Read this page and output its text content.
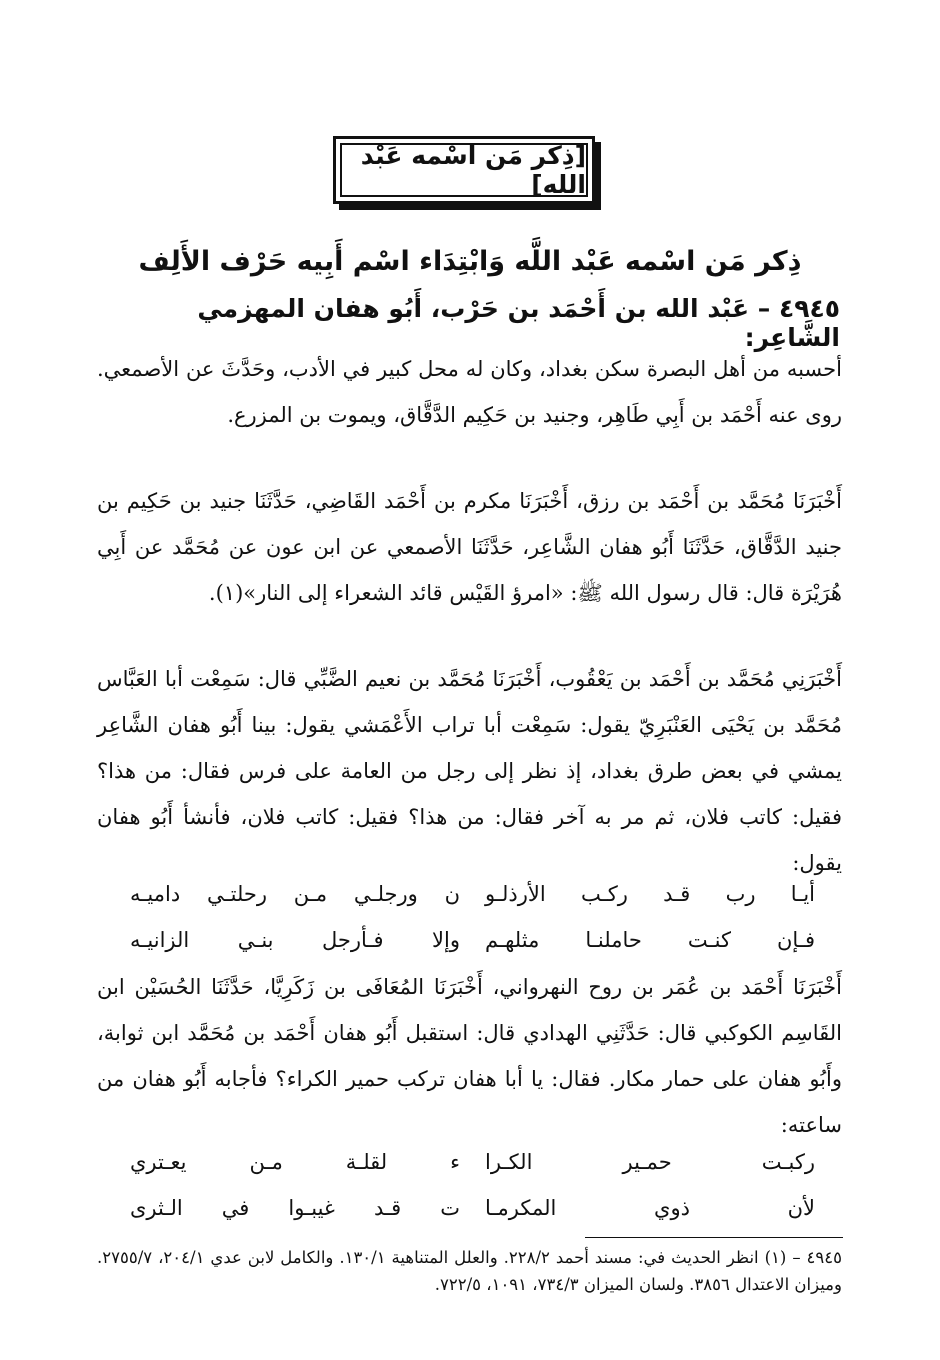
[ذِكر مَن اسْمه عَبْد الله]
ذِكر مَن اسْمه عَبْد اللَّه وَابْتِدَاء اسْم أَبِيه حَرْف الأَلِف
٤٩٤٥ – عَبْد الله بن أَحْمَد بن حَرْب، أَبُو هفان المهزمي الشَّاعِر:
أحسبه من أهل البصرة سكن بغداد، وكان له محل كبير في الأدب، وحَدَّثَ عن الأصمعي. روى عنه أَحْمَد بن أَبِي طَاهِر، وجنيد بن حَكِيم الدَّقَّاق، ويموت بن المزرع.
أَخْبَرَنَا مُحَمَّد بن أَحْمَد بن رزق، أَخْبَرَنَا مكرم بن أَحْمَد القَاضِي، حَدَّثَنَا جنيد بن حَكِيم بن جنيد الدَّقَّاق، حَدَّثَنَا أَبُو هفان الشَّاعِر، حَدَّثَنَا الأصمعي عن ابن عون عن مُحَمَّد عن أَبِي هُرَيْرَة قال: قال رسول الله ﷺ: «امرؤ القَيْس قائد الشعراء إلى النار»(١).
أَخْبَرَنِي مُحَمَّد بن أَحْمَد بن يَعْقُوب، أَخْبَرَنَا مُحَمَّد بن نعيم الضَّبِّي قال: سَمِعْت أبا العَبَّاس مُحَمَّد بن يَحْيَى العَنْبَرِيّ يقول: سَمِعْت أبا تراب الأَعْمَشي يقول: بينا أَبُو هفان الشَّاعِر يمشي في بعض طرق بغداد، إذ نظر إلى رجل من العامة على فرس فقال: من هذا؟ فقيل: كاتب فلان، ثم مر به آخر فقال: من هذا؟ فقيل: كاتب فلان، فأنشأ أَبُو هفان يقول:
أيـا رب قـد ركـب الأرذلـو
ن ورجلـي مـن رحلتـي داميـه
فـإن كنـت حاملنـا مثلهـم
وإلا فـأرجل بنـي الزانيـه
أَخْبَرَنَا أَحْمَد بن عُمَر بن روح النهرواني، أَخْبَرَنَا المُعَافَى بن زَكَرِيَّا، حَدَّثَنَا الحُسَيْن ابن القَاسِم الكوكبي قال: حَدَّثَنِي الهدادي قال: استقبل أَبُو هفان أَحْمَد بن مُحَمَّد ابن ثوابة، وأَبُو هفان على حمار مكار. فقال: يا أبا هفان تركب حمير الكراء؟ فأجابه أَبُو هفان من ساعته:
ركبـت حمـير الكـرا
ء لقلـة مـن يعـتري
لأن ذوي المكرمـا
ت قـد غيبـوا في الـثرى
٤٩٤٥ – (١) انظر الحديث في: مسند أحمد ٢٢٨/٢. والعلل المتناهية ١٣٠/١. والكامل لابن عدي ٢٠٤/١، ٢٧٥٥/٧. وميزان الاعتدال ٣٨٥٦. ولسان الميزان ٧٣٤/٣، ١٠٩١، ٧٢٢/٥.
